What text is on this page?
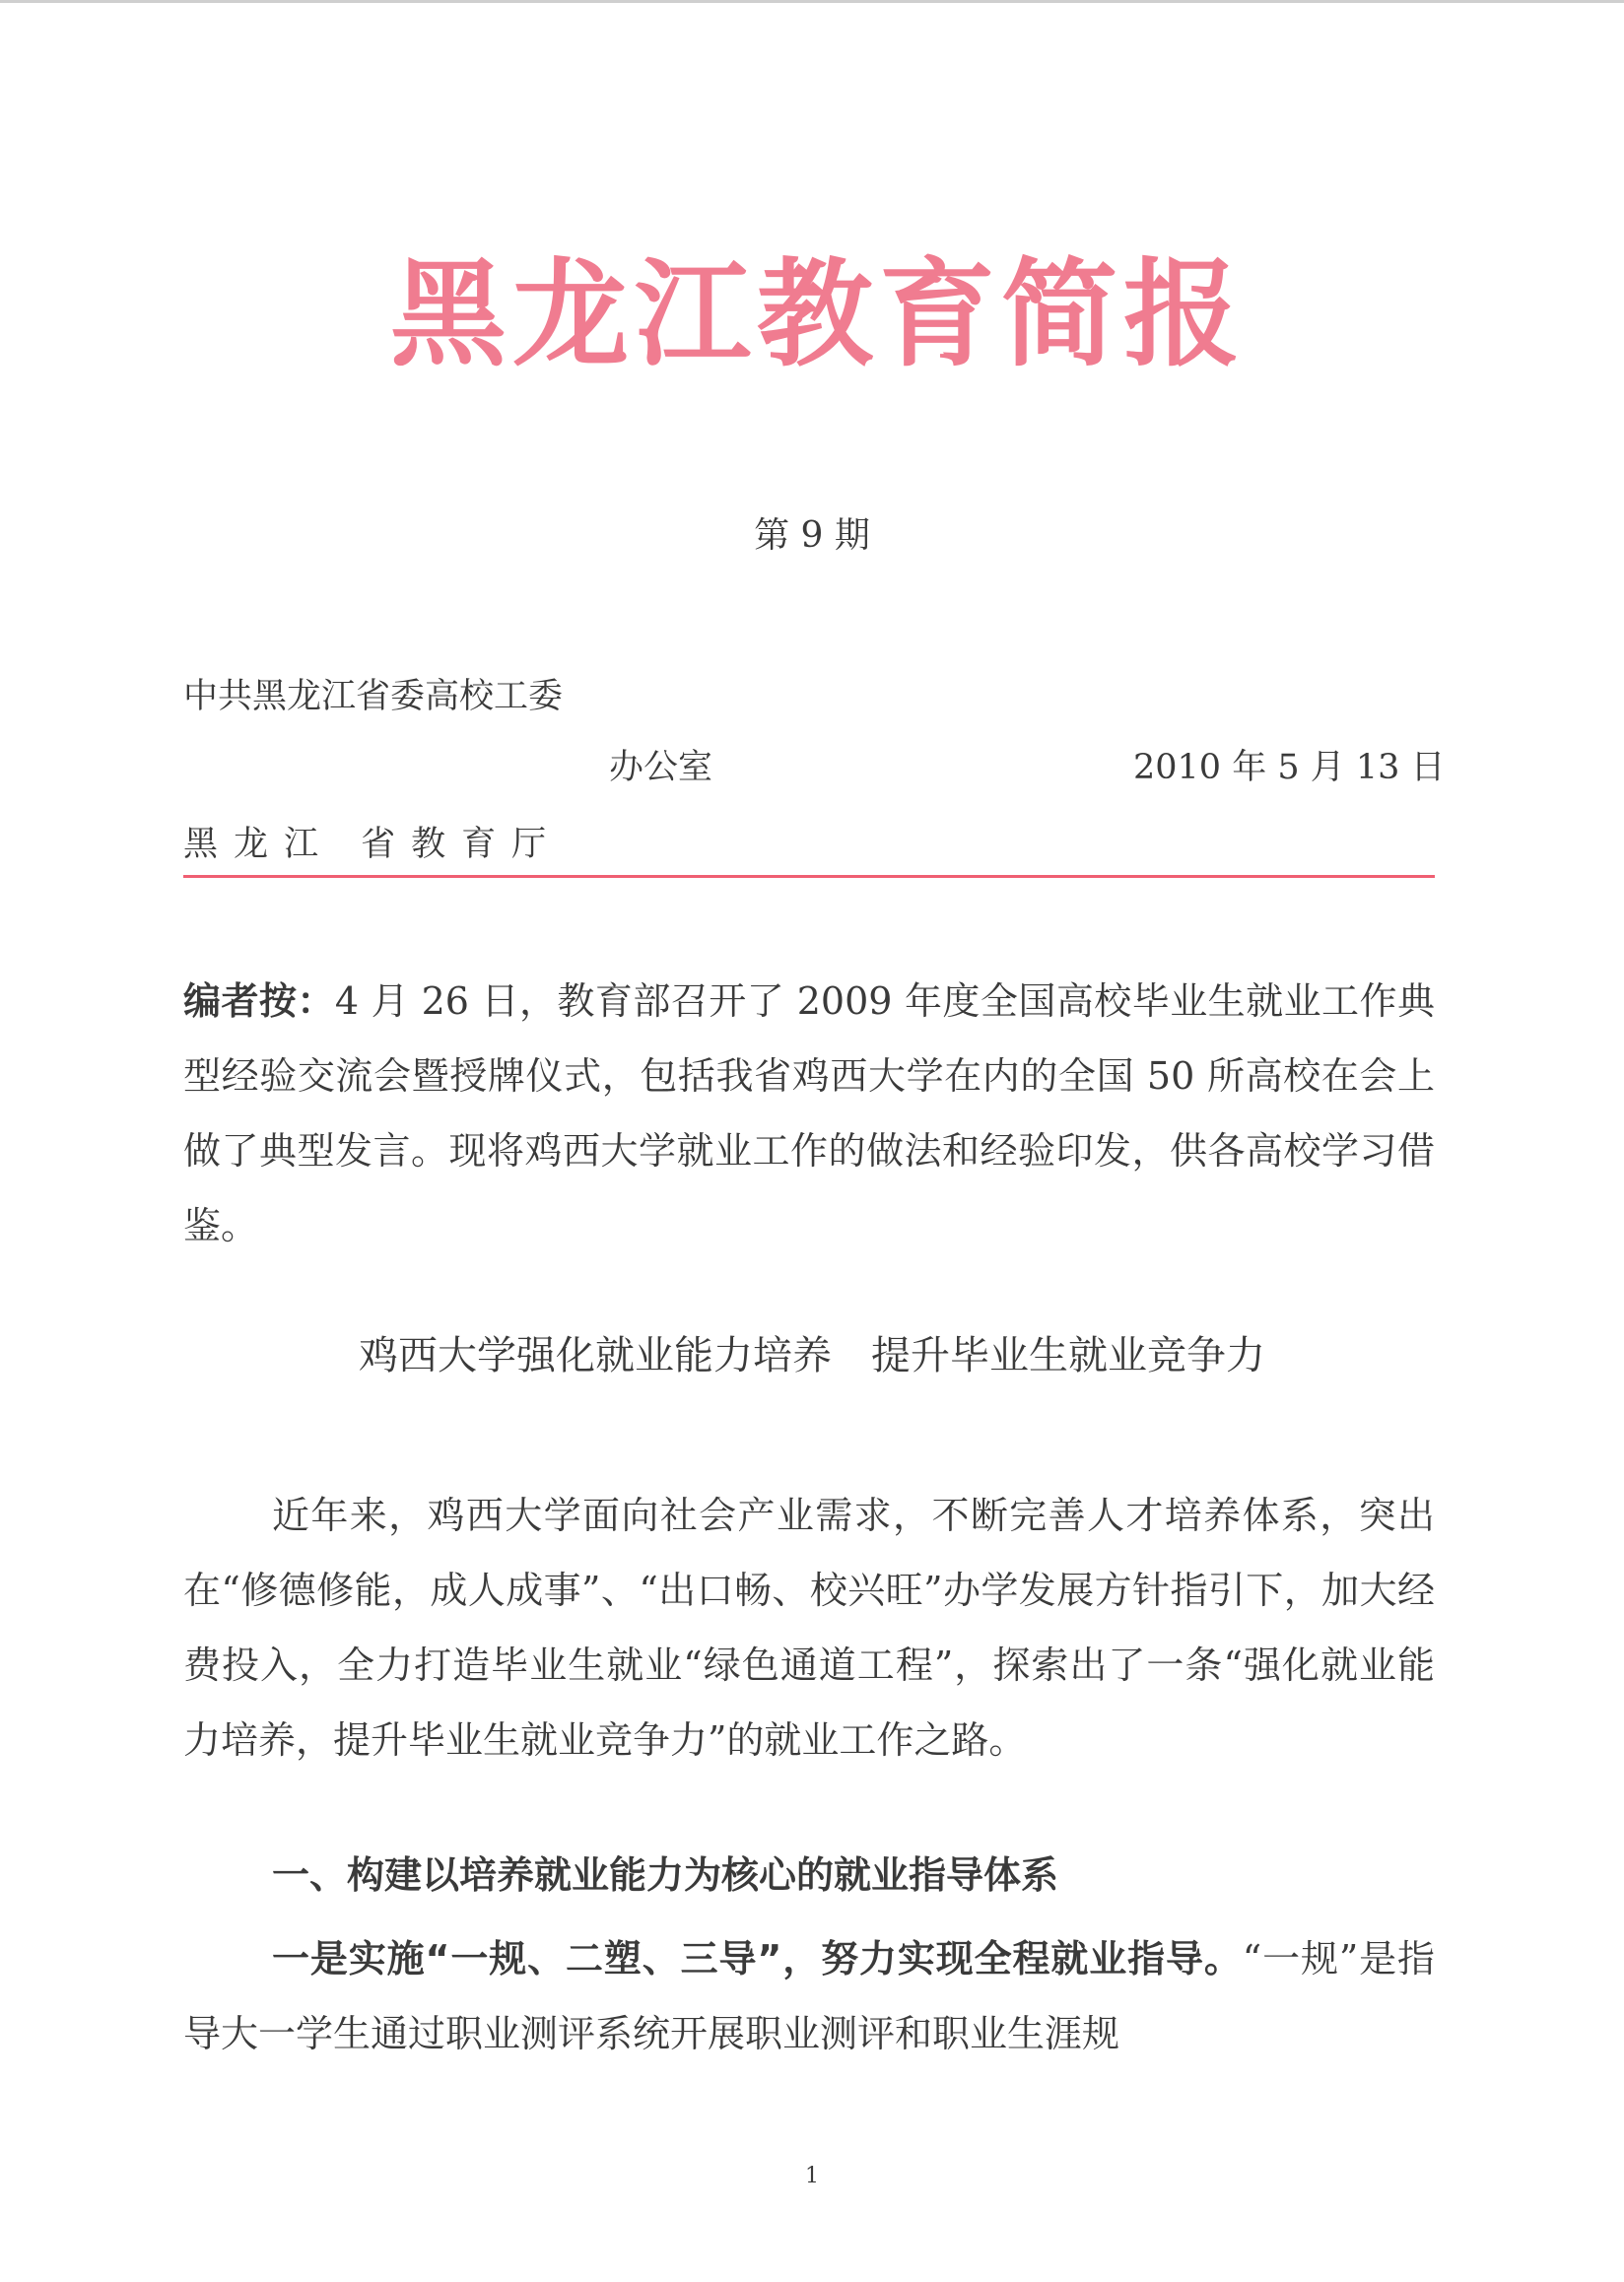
黑龙江教育简报
第 9 期
中共黑龙江省委高校工委
办公室	2010 年 5 月 13 日
黑龙江 省教育厅

编者按：4 月 26 日，教育部召开了 2009 年度全国高校毕业生就业工作典型经验交流会暨授牌仪式，包括我省鸡西大学在内的全国 50 所高校在会上做了典型发言。现将鸡西大学就业工作的做法和经验印发，供各高校学习借鉴。

鸡西大学强化就业能力培养　提升毕业生就业竞争力

近年来，鸡西大学面向社会产业需求，不断完善人才培养体系，突出在“修德修能，成人成事”、“出口畅、校兴旺”办学发展方针指引下，加大经费投入，全力打造毕业生就业“绿色通道工程”，探索出了一条“强化就业能力培养，提升毕业生就业竞争力”的就业工作之路。

一、构建以培养就业能力为核心的就业指导体系

一是实施“一规、二塑、三导”，努力实现全程就业指导。“一规”是指导大一学生通过职业测评系统开展职业测评和职业生涯规

1
